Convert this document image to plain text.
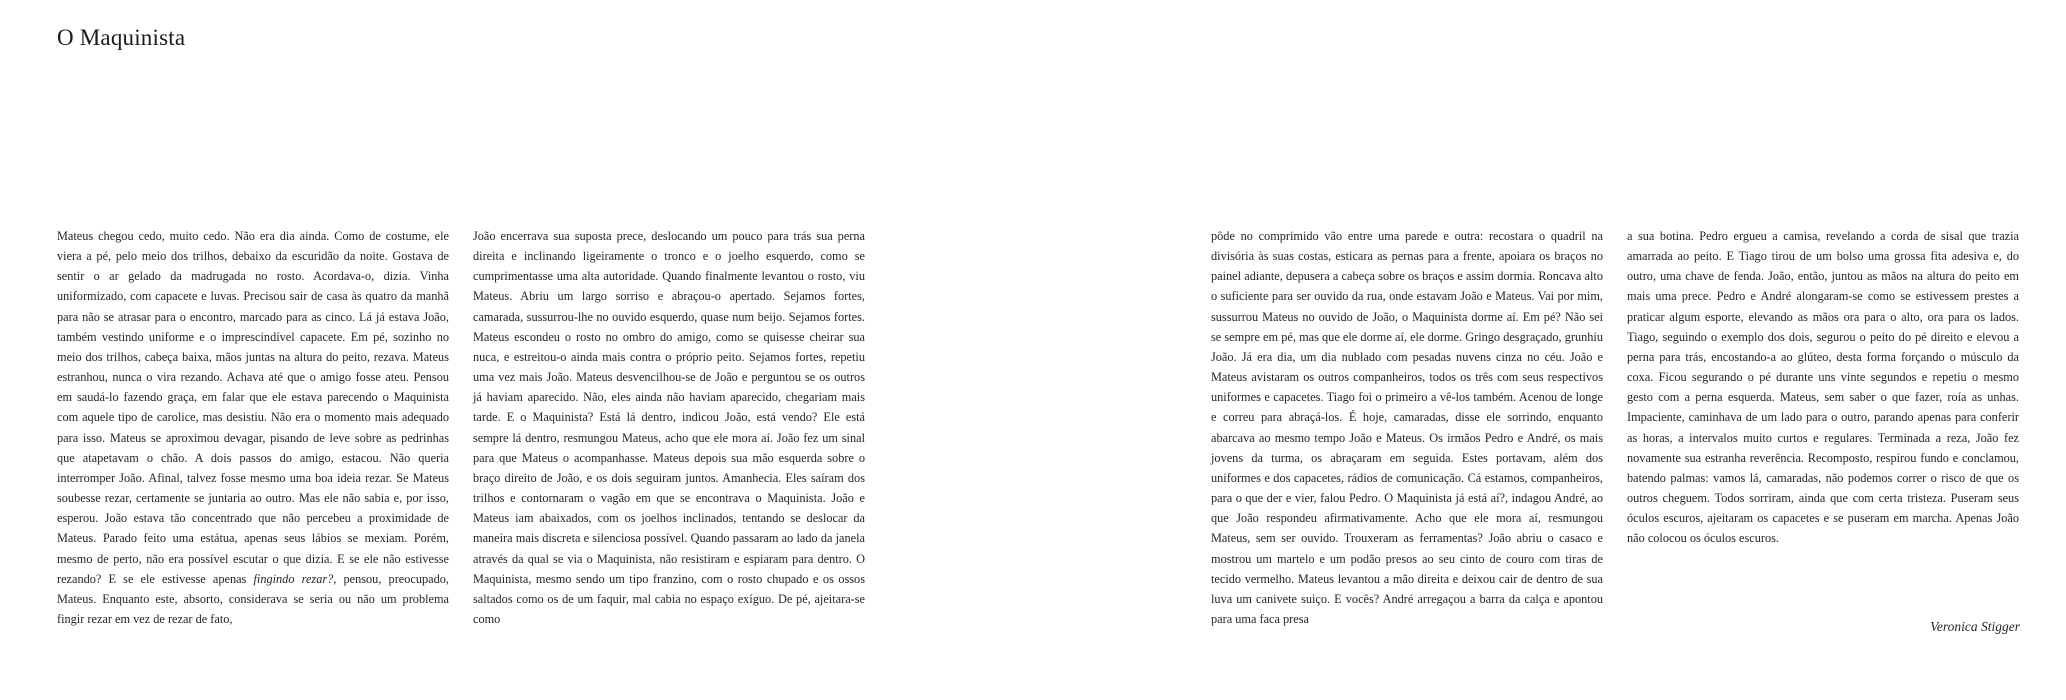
O Maquinista

Mateus chegou cedo, muito cedo. Não era dia ainda. Como de costume, ele viera a pé, pelo meio dos trilhos, debaixo da escuridão da noite. Gostava de sentir o ar gelado da madrugada no rosto. Acordava-o, dizia. Vinha uniformizado, com capacete e luvas. Precisou sair de casa às quatro da manhã para não se atrasar para o encontro, marcado para as cinco. Lá já estava João, também vestindo uniforme e o imprescindível capacete. Em pé, sozinho no meio dos trilhos, cabeça baixa, mãos juntas na altura do peito, rezava. Mateus estranhou, nunca o vira rezando. Achava até que o amigo fosse ateu. Pensou em saudá-lo fazendo graça, em falar que ele estava parecendo o Maquinista com aquele tipo de carolice, mas desistiu. Não era o momento mais adequado para isso. Mateus se aproximou devagar, pisando de leve sobre as pedrinhas que atapetavam o chão. A dois passos do amigo, estacou. Não queria interromper João. Afinal, talvez fosse mesmo uma boa ideia rezar. Se Mateus soubesse rezar, certamente se juntaria ao outro. Mas ele não sabia e, por isso, esperou. João estava tão concentrado que não percebeu a proximidade de Mateus. Parado feito uma estátua, apenas seus lábios se mexiam. Porém, mesmo de perto, não era possível escutar o que dizia. E se ele não estivesse rezando? E se ele estivesse apenas fingindo rezar?, pensou, preocupado, Mateus. Enquanto este, absorto, considerava se seria ou não um problema fingir rezar em vez de rezar de fato,

João encerrava sua suposta prece, deslocando um pouco para trás sua perna direita e inclinando ligeiramente o tronco e o joelho esquerdo, como se cumprimentasse uma alta autoridade. Quando finalmente levantou o rosto, viu Mateus. Abriu um largo sorriso e abraçou-o apertado. Sejamos fortes, camarada, sussurrou-lhe no ouvido esquerdo, quase num beijo. Sejamos fortes. Mateus escondeu o rosto no ombro do amigo, como se quisesse cheirar sua nuca, e estreitou-o ainda mais contra o próprio peito. Sejamos fortes, repetiu uma vez mais João. Mateus desvencilhou-se de João e perguntou se os outros já haviam aparecido. Não, eles ainda não haviam aparecido, chegariam mais tarde. E o Maquinista? Está lá dentro, indicou João, está vendo? Ele está sempre lá dentro, resmungou Mateus, acho que ele mora aí. João fez um sinal para que Mateus o acompanhasse. Mateus depois sua mão esquerda sobre o braço direito de João, e os dois seguiram juntos. Amanhecia. Eles saíram dos trilhos e contornaram o vagão em que se encontrava o Maquinista. João e Mateus iam abaixados, com os joelhos inclinados, tentando se deslocar da maneira mais discreta e silenciosa possível. Quando passaram ao lado da janela através da qual se via o Maquinista, não resistiram e espiaram para dentro. O Maquinista, mesmo sendo um tipo franzino, com o rosto chupado e os ossos saltados como os de um faquir, mal cabia no espaço exíguo. De pé, ajeitara-se como

pôde no comprimido vão entre uma parede e outra: recostara o quadril na divisória às suas costas, esticara as pernas para a frente, apoiara os braços no painel adiante, depusera a cabeça sobre os braços e assim dormia. Roncava alto o suficiente para ser ouvido da rua, onde estavam João e Mateus. Vai por mim, sussurrou Mateus no ouvido de João, o Maquinista dorme aí. Em pé? Não sei se sempre em pé, mas que ele dorme aí, ele dorme. Gringo desgraçado, grunhiu João. Já era dia, um dia nublado com pesadas nuvens cinza no céu. João e Mateus avistaram os outros companheiros, todos os três com seus respectivos uniformes e capacetes. Tiago foi o primeiro a vê-los também. Acenou de longe e correu para abraçá-los. É hoje, camaradas, disse ele sorrindo, enquanto abarcava ao mesmo tempo João e Mateus. Os irmãos Pedro e André, os mais jovens da turma, os abraçaram em seguida. Estes portavam, além dos uniformes e dos capacetes, rádios de comunicação. Cá estamos, companheiros, para o que der e vier, falou Pedro. O Maquinista já está aí?, indagou André, ao que João respondeu afirmativamente. Acho que ele mora aí, resmungou Mateus, sem ser ouvido. Trouxeram as ferramentas? João abriu o casaco e mostrou um martelo e um podão presos ao seu cinto de couro com tiras de tecido vermelho. Mateus levantou a mão direita e deixou cair de dentro de sua luva um canivete suiço. E vocês? André arregaçou a barra da calça e apontou para uma faca presa

a sua botina. Pedro ergueu a camisa, revelando a corda de sisal que trazia amarrada ao peito. E Tiago tirou de um bolso uma grossa fita adesiva e, do outro, uma chave de fenda. João, então, juntou as mãos na altura do peito em mais uma prece. Pedro e André alongaram-se como se estivessem prestes a praticar algum esporte, elevando as mãos ora para o alto, ora para os lados. Tiago, seguindo o exemplo dos dois, segurou o peito do pé direito e elevou a perna para trás, encostando-a ao glúteo, desta forma forçando o músculo da coxa. Ficou segurando o pé durante uns vinte segundos e repetiu o mesmo gesto com a perna esquerda. Mateus, sem saber o que fazer, roía as unhas. Impaciente, caminhava de um lado para o outro, parando apenas para conferir as horas, a intervalos muito curtos e regulares. Terminada a reza, João fez novamente sua estranha reverência. Recomposto, respirou fundo e conclamou, batendo palmas: vamos lá, camaradas, não podemos correr o risco de que os outros cheguem. Todos sorriram, ainda que com certa tristeza. Puseram seus óculos escuros, ajeitaram os capacetes e se puseram em marcha. Apenas João não colocou os óculos escuros.

Veronica Stigger
